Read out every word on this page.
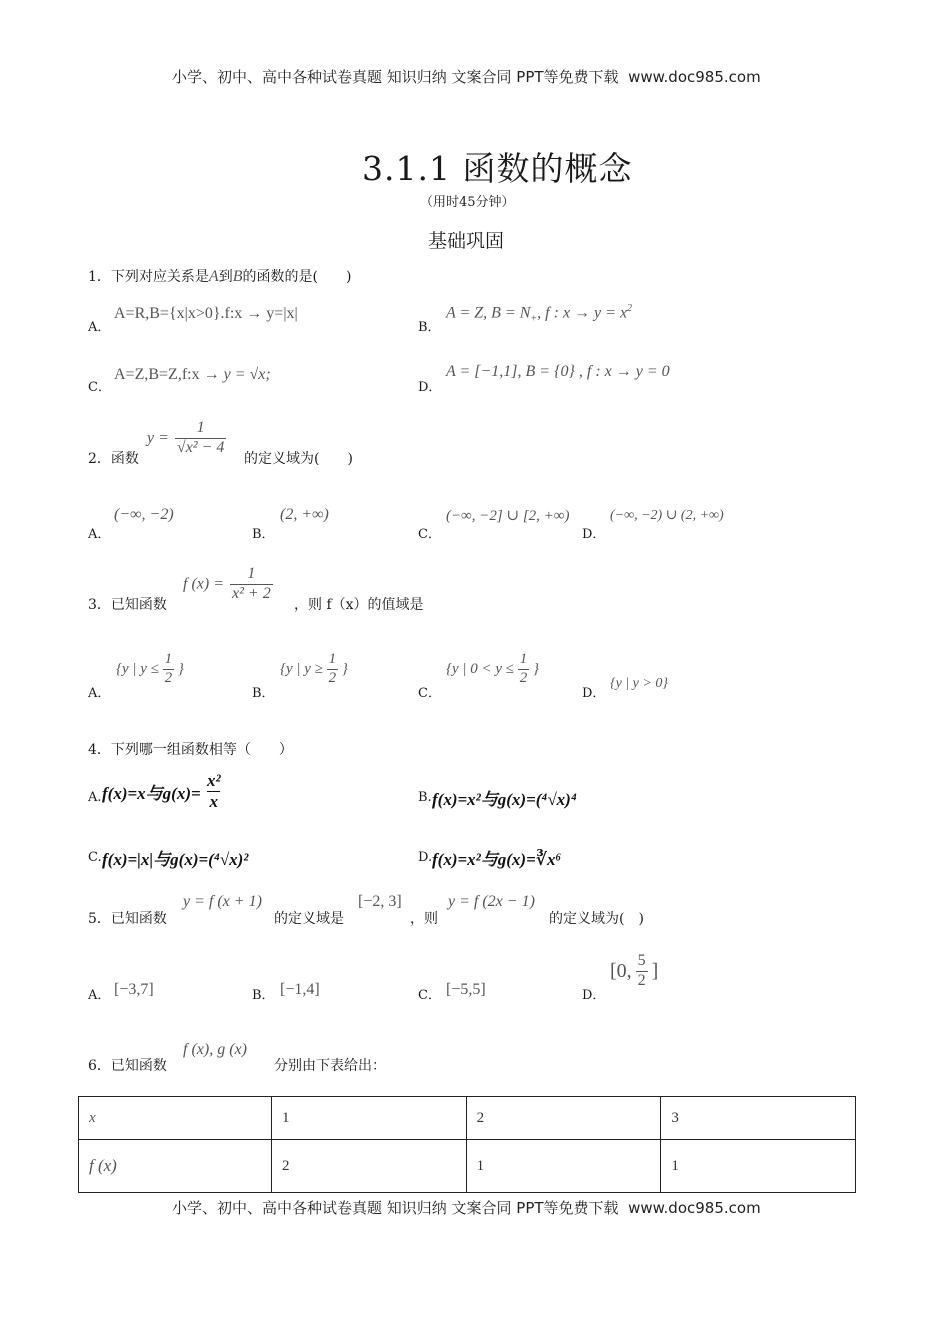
小学、初中、高中各种试卷真题 知识归纳 文案合同 PPT等免费下载 www.doc985.com
3.1.1 函数的概念
（用时45分钟）
基础巩固
1．下列对应关系是A到B的函数的是(　　)
A．
A=R,B={x|x>0}.f:x → y=|x|
B．
A = Z, $B = N_+$, f : $x \to y = x^2$
C．
A=Z,B=Z,f:x → y = √x;
D．
A = [−1,1], B = {0} , f : x → y = 0
2．函数
$y = \frac{1}{\text{√x² − 4}}$
的定义域为(　　)
A．
(−∞, −2)
B．
(2, +∞)
C．
(−∞, −2] ∪ [2, +∞)
D．
(−∞, −2) ∪ (2, +∞)
3．已知函数
f $(x) = \frac{1}{\text{x² + 2}}$
，则 f（x）的值域是
A．
{y | $y \le \frac{1}{2}$ }
B．
{y | $y \ge \frac{1}{2}$ }
C．
{y | $0 < y \le \frac{1}{2}$ }
D．
{y | y > 0}
4．下列哪一组函数相等（　　）
A. f(x)=x与$g(x)= \frac{\text{x²}}{x}$	B. f(x)=x²与g(x)=(⁴√x)⁴
C. f(x)=|x|与g(x)=(⁴√x)²	D. f(x)=x²与g(x)=∛x⁶
5．已知函数
y = f (x + 1)
的定义域是
[−2, 3]
，则
y = f (2x − 1)
的定义域为(　)
A． [−3,7]	B． [−1,4]	C． [−5,5]	D．
[0, $\frac{5}{2}$ ]
6．已知函数
f (x), g (x)
分别由下表给出：
x	1	2	3
f (x)	2	1	1
小学、初中、高中各种试卷真题 知识归纳 文案合同 PPT等免费下载 www.doc985.com
